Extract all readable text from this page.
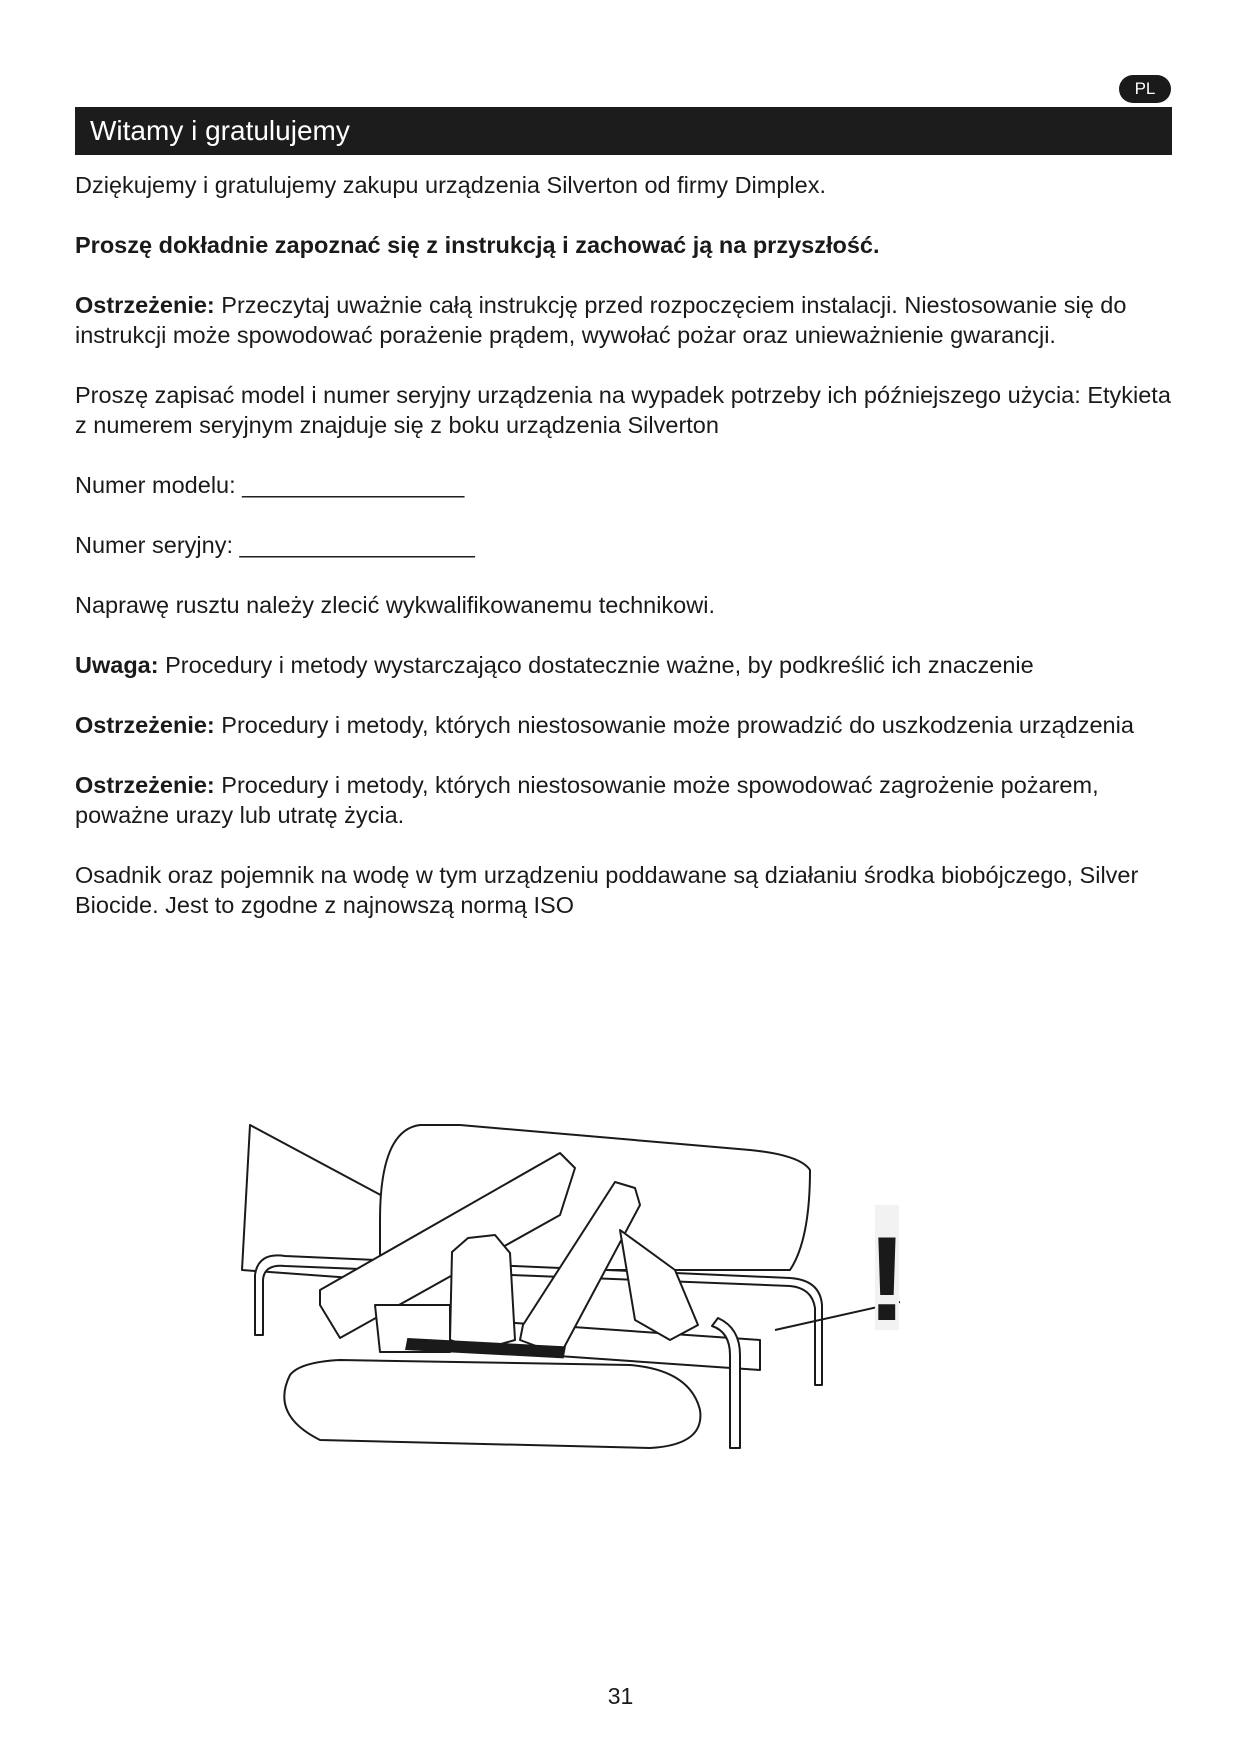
PL
Witamy i gratulujemy

Dziękujemy i gratulujemy zakupu urządzenia Silverton od firmy Dimplex.

Proszę dokładnie zapoznać się z instrukcją i zachować ją na przyszłość.

Ostrzeżenie: Przeczytaj uważnie całą instrukcję przed rozpoczęciem instalacji. Niestosowanie się do instrukcji może spowodować porażenie prądem, wywołać pożar oraz unieważnienie gwarancji.

Proszę zapisać model i numer seryjny urządzenia na wypadek potrzeby ich późniejszego użycia: Etykieta z numerem seryjnym znajduje się z boku urządzenia Silverton

Numer modelu: _________________

Numer seryjny: __________________

Naprawę rusztu należy zlecić wykwalifikowanemu technikowi.

Uwaga: Procedury i metody wystarczająco dostatecznie ważne, by podkreślić ich znaczenie

Ostrzeżenie: Procedury i metody, których niestosowanie może prowadzić do uszkodzenia urządzenia

Ostrzeżenie: Procedury i metody, których niestosowanie może spowodować zagrożenie pożarem, poważne urazy lub utratę życia.

Osadnik oraz pojemnik na wodę w tym urządzeniu poddawane są działaniu środka biobójczego, Silver Biocide. Jest to zgodne z najnowszą normą ISO

!
31
